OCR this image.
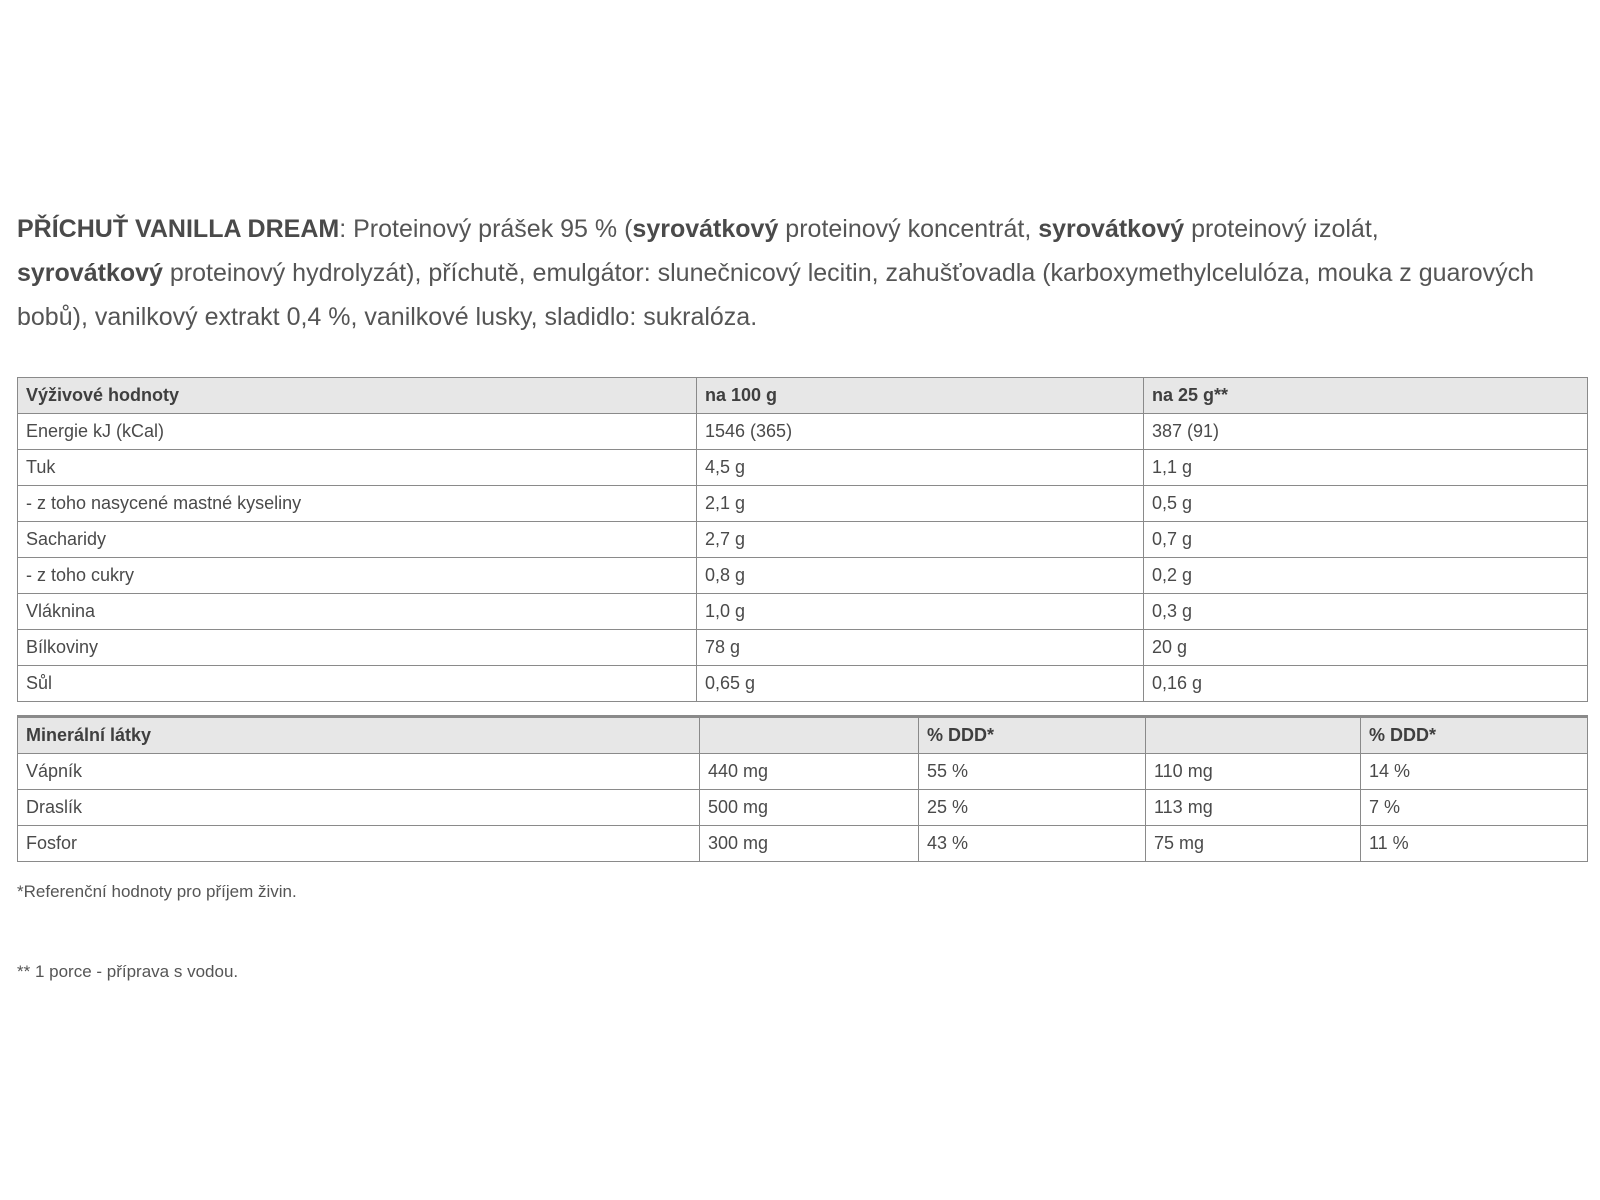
PŘÍCHUŤ VANILLA DREAM: Proteinový prášek 95 % (syrovátkový proteinový koncentrát, syrovátkový proteinový izolát,
syrovátkový proteinový hydrolyzát), příchutě, emulgátor: slunečnicový lecitin, zahušťovadla (karboxymethylcelulóza, mouka z guarových bobů), vanilkový extrakt 0,4 %, vanilkové lusky, sladidlo: sukralóza.

Výživové hodnoty	na 100 g	na 25 g**
Energie kJ (kCal)	1546 (365)	387 (91)
Tuk	4,5 g	1,1 g
- z toho nasycené mastné kyseliny	2,1 g	0,5 g
Sacharidy	2,7 g	0,7 g
- z toho cukry	0,8 g	0,2 g
Vláknina	1,0 g	0,3 g
Bílkoviny	78 g	20 g
Sůl	0,65 g	0,16 g
Minerální látky		% DDD*		% DDD*
Vápník	440 mg	55 %	110 mg	14 %
Draslík	500 mg	25 %	113 mg	7 %
Fosfor	300 mg	43 %	75 mg	11 %

*Referenční hodnoty pro příjem živin.

** 1 porce - příprava s vodou.
